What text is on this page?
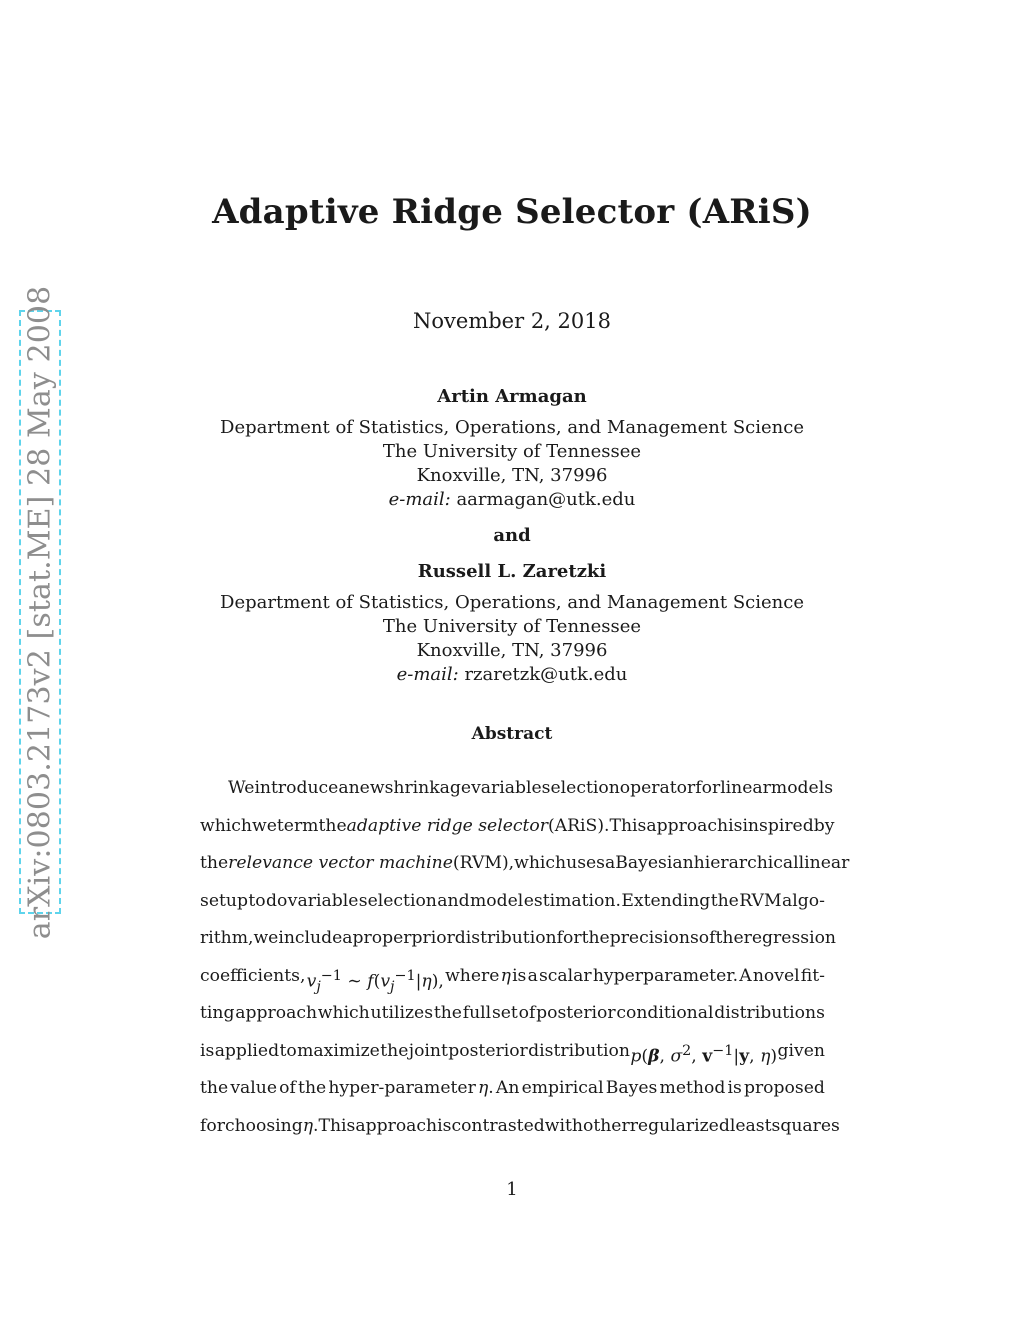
arXiv:0803.2173v2 [stat.ME] 28 May 2008
Adaptive Ridge Selector (ARiS)
November 2, 2018
Artin Armagan
Department of Statistics, Operations, and Management Science
The University of Tennessee
Knoxville, TN, 37996
e-mail: aarmagan@utk.edu
and
Russell L. Zaretzki
Department of Statistics, Operations, and Management Science
The University of Tennessee
Knoxville, TN, 37996
e-mail: rzaretzk@utk.edu
Abstract
We introduce a new shrinkage variable selection operator for linear models
which we term the adaptive ridge selector (ARiS). This approach is inspired by
the relevance vector machine (RVM), which uses a Bayesian hierarchical linear
setup to do variable selection and model estimation. Extending the RVM algo-
rithm, we include a proper prior distribution for the precisions of the regression
coefficients, $v_j^{-1}$ ∼ $f(v_j^{-1}|\eta)$, where η is a scalar hyperparameter. A novel fit-
ting approach which utilizes the full set of posterior conditional distributions
is applied to maximize the joint posterior distribution p(β, $\sigma^2$, $v^{-1}|y$, η) given
the value of the hyper-parameter η. An empirical Bayes method is proposed
for choosing η. This approach is contrasted with other regularized least squares
1
